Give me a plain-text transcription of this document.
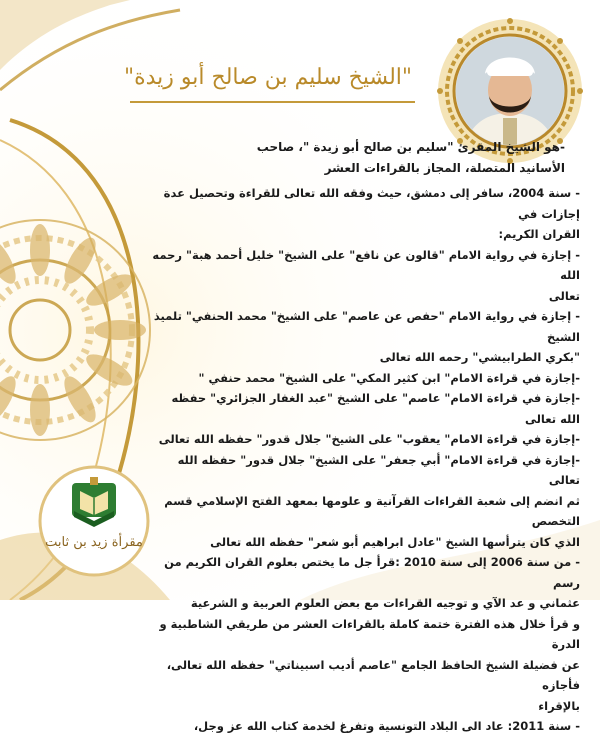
"الشيخ سليم بن صالح أبو زيدة"
-هو الشيخ المقرئ "سليم بن صالح أبو زيدة "، صاحب
الأسانيد المتصلة، المجاز بالقراءات العشر

- سنة 2004، سافر إلى دمشق، حيث وفقه الله تعالى للقراءة وتحصيل عدة إجازات في

القران الكريم:

- إجازة في رواية الامام "قالون عن نافع" على الشيخ" خليل أحمد هبة" رحمه الله

تعالى

- إجازة في رواية الامام "حفص عن عاصم" على الشيخ" محمد الحنفي" تلميذ الشيخ

"بكري الطرابيشي" رحمه الله تعالى

-إجازة في قراءة الامام" ابن كثير المكي" على الشيخ" محمد حنفي "

-إجازة في قراءة الامام" عاصم" على الشيخ "عبد الغفار الجزائري" حفظه الله تعالى

-إجازة في قراءة الامام" يعقوب" على الشيخ" جلال قدور" حفظه الله تعالى

-إجازة في قراءة الامام" أبي جعفر" على الشيخ" جلال قدور" حفظه الله تعالى

ثم انضم إلى شعبة القراءات القرآنية و علومها بمعهد الفتح الإسلامي قسم التخصص

الذي كان يترأسها الشيخ "عادل ابراهيم أبو شعر" حفظه الله تعالى

- من سنة 2006 إلى سنة 2010 :قرأ جل ما يختص بعلوم القران الكريم من رسم

عثماني و عد الآي و توجيه القراءات مع بعض العلوم العربية و الشرعية

و قرأ خلال هذه الفترة ختمة كاملة بالقراءات العشر من طريقي الشاطبية و الدرة

عن فضيلة الشيخ الحافظ الجامع "عاصم أديب اسبيناتي" حفظه الله تعالى، فأجازه

بالإقراء

- سنة 2011: عاد الى البلاد التونسية وتفرغ لخدمة كتاب الله عز وجل،

مقرأة زيد بن ثابت
